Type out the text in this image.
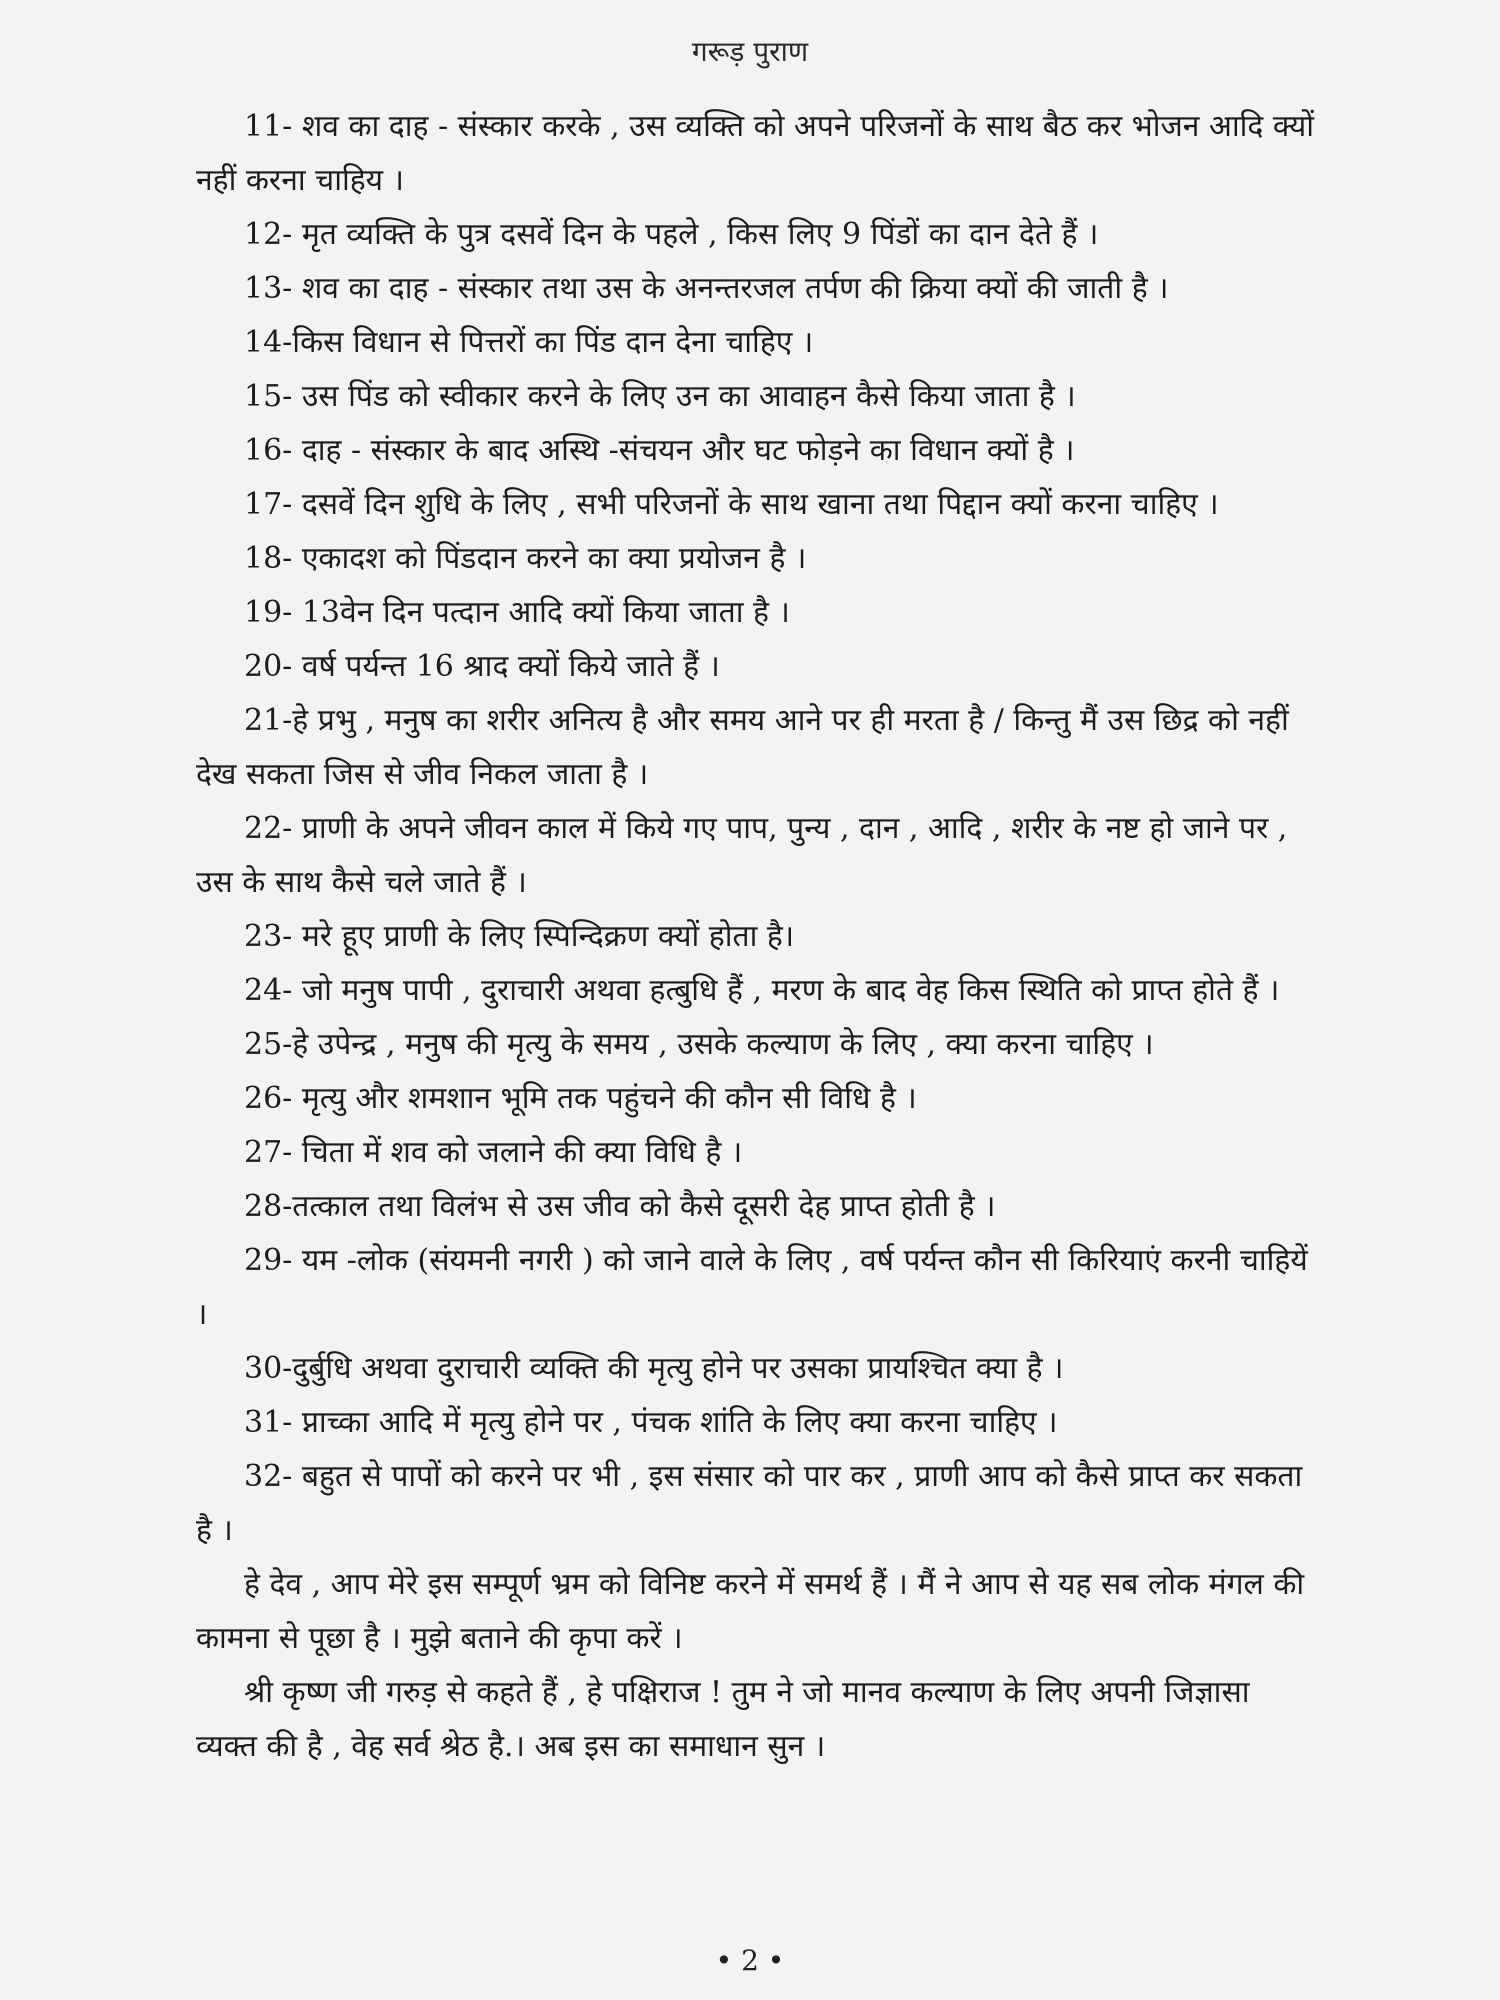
गरूड़ पुराण

11- शव का दाह - संस्कार करके , उस व्यक्ति को अपने परिजनों के साथ बैठ कर भोजन आदि क्यों नहीं करना चाहिय ।

12- मृत व्यक्ति के पुत्र दसवें दिन के पहले , किस लिए 9 पिंडों का दान देते हैं ।

13- शव का दाह - संस्कार तथा उस के अनन्तरजल तर्पण की क्रिया क्यों की जाती है ।

14-किस विधान से पित्तरों का पिंड दान देना चाहिए ।

15- उस पिंड को स्वीकार करने के लिए उन का आवाहन कैसे किया जाता है ।

16- दाह - संस्कार के बाद अस्थि -संचयन और घट फोड़ने का विधान क्यों है ।

17- दसवें दिन शुधि के लिए , सभी परिजनों के साथ खाना तथा पिद्दान क्यों करना चाहिए ।

18- एकादश को पिंडदान करने का क्या प्रयोजन है ।

19- 13वेन दिन पत्दान आदि क्यों किया जाता है ।

20- वर्ष पर्यन्त 16 श्राद क्यों किये जाते हैं ।

21-हे प्रभु , मनुष का शरीर अनित्य है और समय आने पर ही मरता है / किन्तु मैं उस छिद्र को नहीं देख सकता जिस से जीव निकल जाता है ।

22- प्राणी के अपने जीवन काल में किये गए पाप, पुन्य , दान , आदि , शरीर के नष्ट हो जाने पर , उस के साथ कैसे चले जाते हैं ।

23- मरे हूए प्राणी के लिए स्पिन्दिक्रण क्यों होता है।

24- जो मनुष पापी , दुराचारी अथवा हत्बुधि हैं , मरण के बाद वेह किस स्थिति को प्राप्त होते हैं ।

25-हे उपेन्द्र , मनुष की मृत्यु के समय , उसके कल्याण के लिए , क्या करना चाहिए ।

26- मृत्यु और शमशान भूमि तक पहुंचने की कौन सी विधि है ।

27- चिता में शव को जलाने की क्या विधि है ।

28-तत्काल तथा विलंभ से उस जीव को कैसे दूसरी देह प्राप्त होती है ।

29- यम -लोक (संयमनी नगरी ) को जाने वाले के लिए , वर्ष पर्यन्त कौन सी किरियाएं करनी चाहियें ।

30-दुर्बुधि अथवा दुराचारी व्यक्ति की मृत्यु होने पर उसका प्रायश्चित क्या है ।

31- प्नाच्का आदि में मृत्यु होने पर , पंचक शांति के लिए क्या करना चाहिए ।

32- बहुत से पापों को करने पर भी , इस संसार को पार कर , प्राणी आप को कैसे प्राप्त कर सकता है ।

हे देव , आप मेरे इस सम्पूर्ण भ्रम को विनिष्ट करने में समर्थ हैं । मैं ने आप से यह सब लोक मंगल की कामना से पूछा है । मुझे बताने की कृपा करें ।

श्री कृष्ण जी गरुड़ से कहते हैं , हे पक्षिराज ! तुम ने जो मानव कल्याण के लिए अपनी जिज्ञासा व्यक्त की है , वेह सर्व श्रेठ है.। अब इस का समाधान सुन ।

• 2 •
